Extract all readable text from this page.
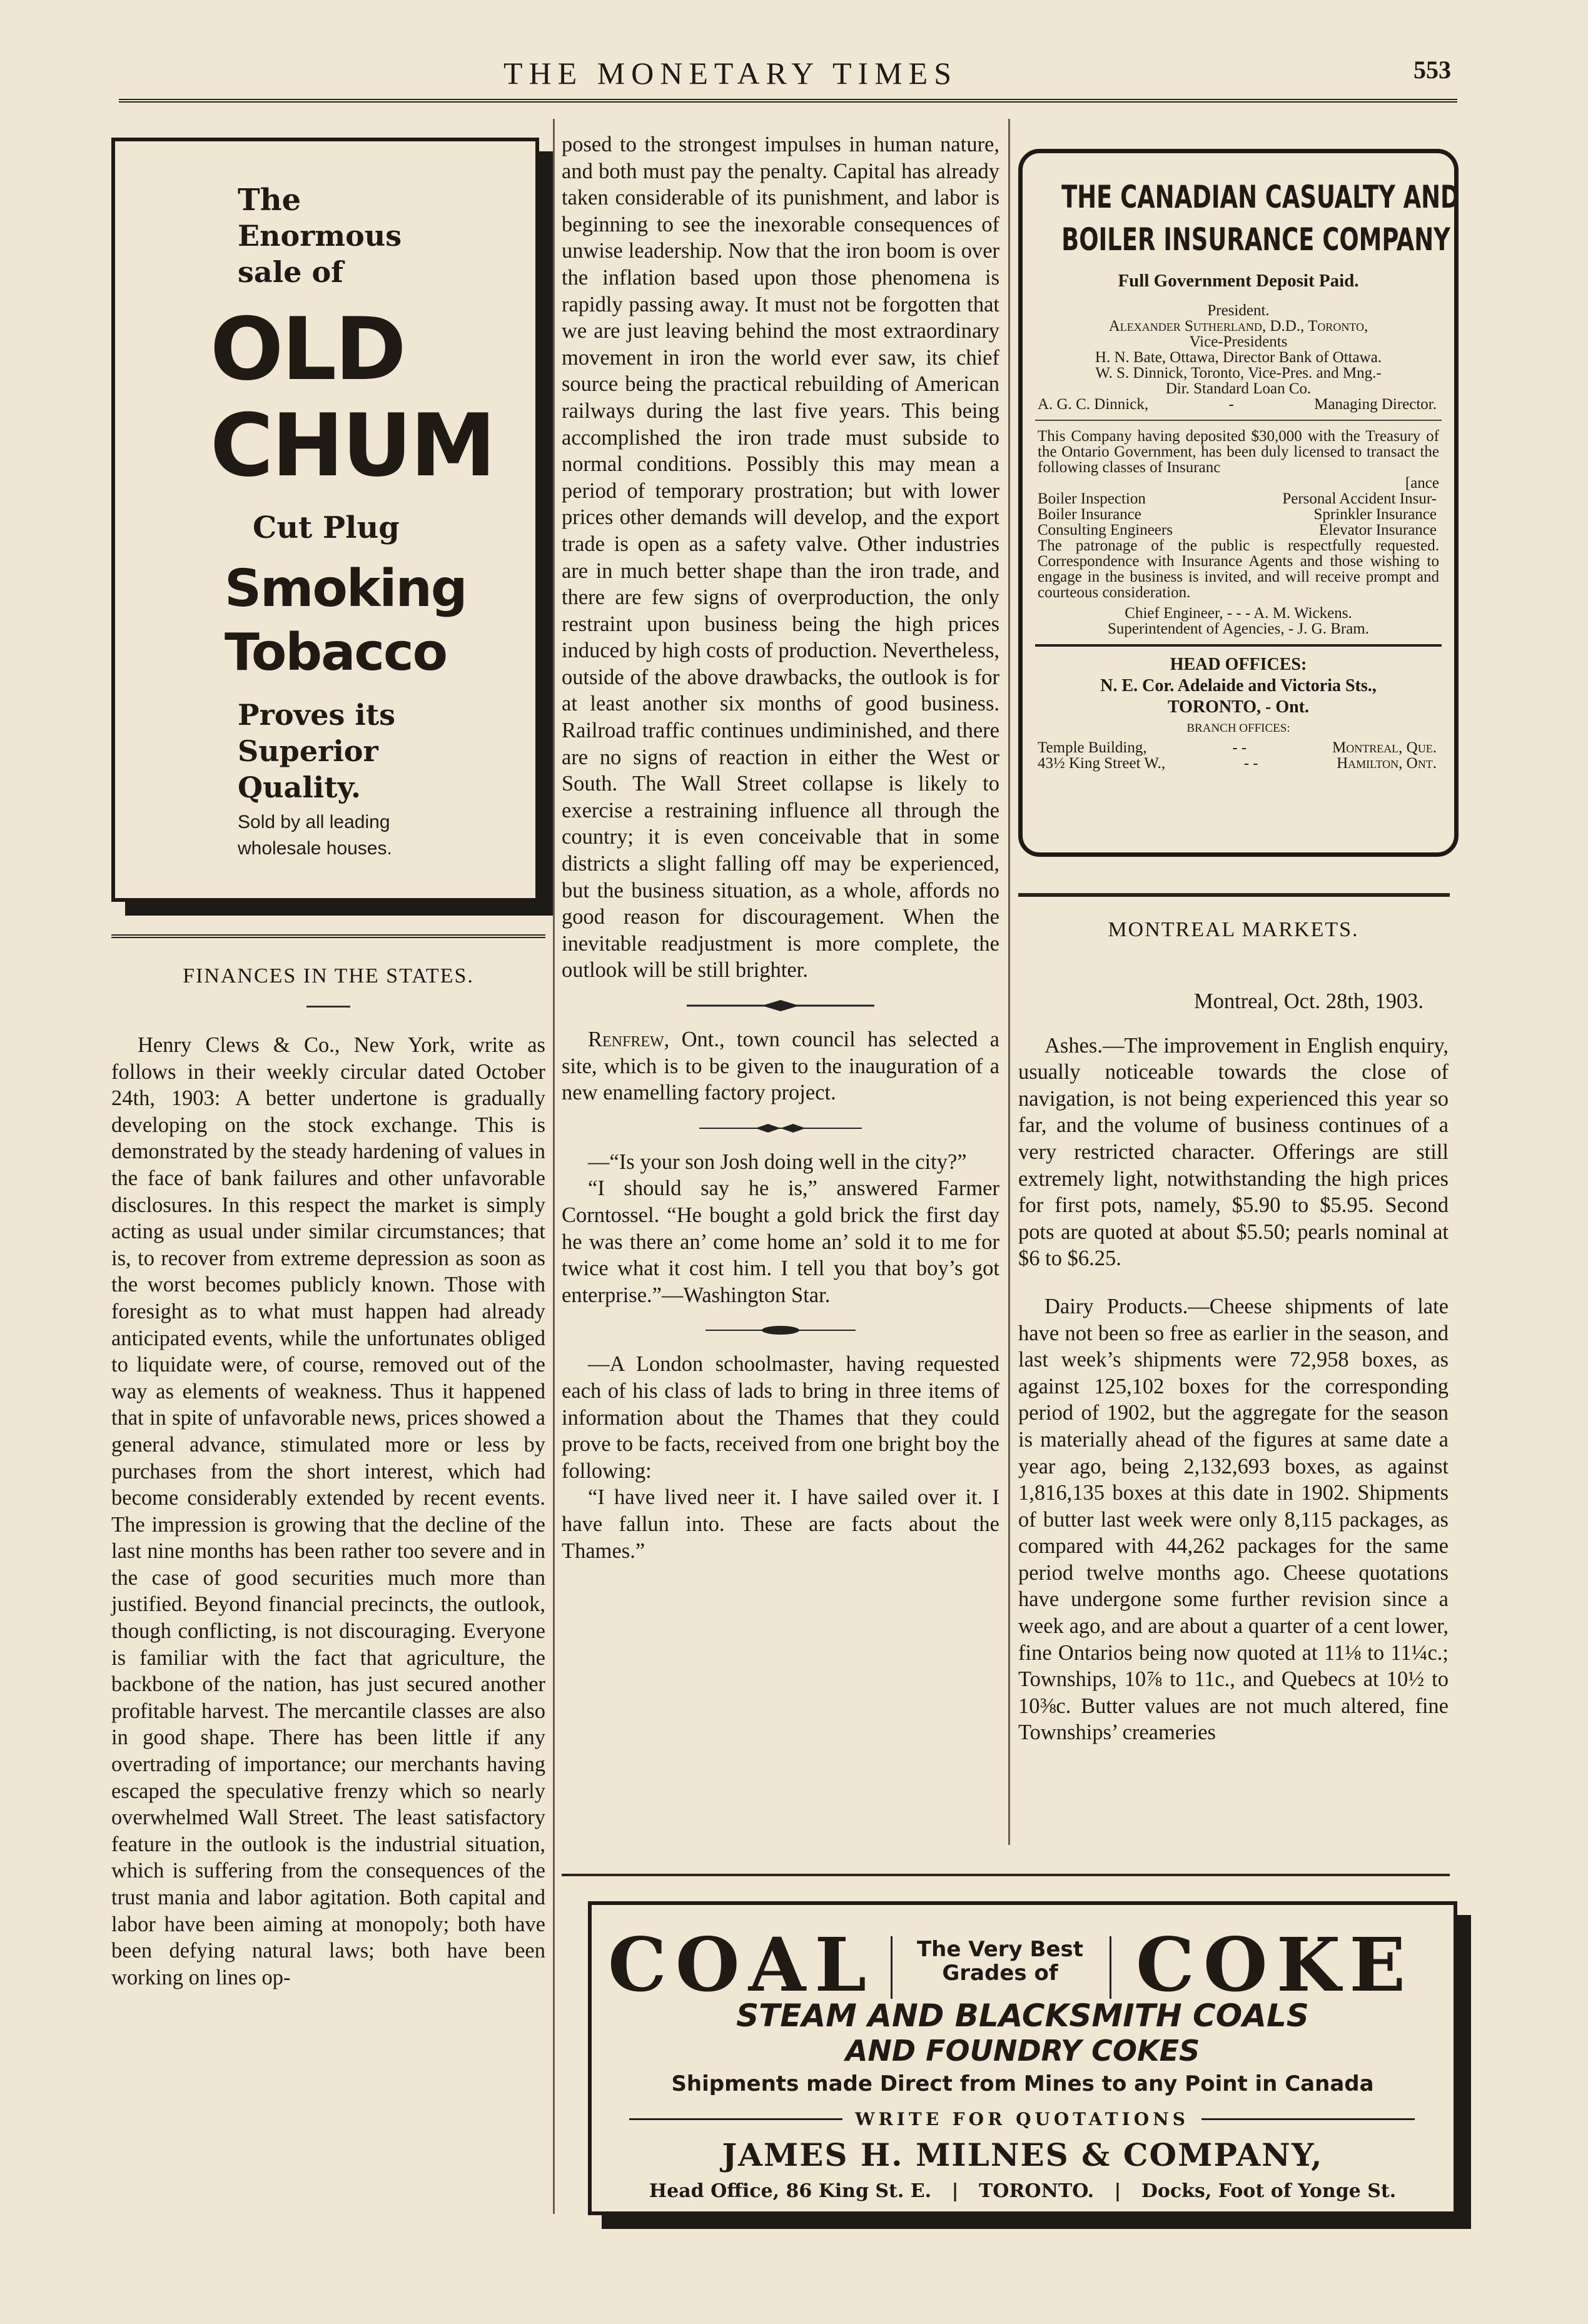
THE MONETARY TIMES	553
The
Enormous
sale of
OLD
CHUM
Cut Plug
Smoking
Tobacco
Proves its
Superior
Quality.
Sold by all leading
wholesale houses.

FINANCES IN THE STATES.

Henry Clews & Co., New York, write as follows in their weekly circular dated October 24th, 1903: A better undertone is gradually developing on the stock exchange. This is demonstrated by the steady hardening of values in the face of bank failures and other unfavorable disclosures. In this respect the market is simply acting as usual under similar circumstances; that is, to recover from extreme depression as soon as the worst becomes publicly known. Those with foresight as to what must happen had already anticipated events, while the unfortunates obliged to liquidate were, of course, removed out of the way as elements of weakness. Thus it happened that in spite of unfavorable news, prices showed a general advance, stimulated more or less by purchases from the short interest, which had become considerably extended by recent events. The impression is growing that the decline of the last nine months has been rather too severe and in the case of good securities much more than justified. Beyond financial precincts, the outlook, though conflicting, is not discouraging. Everyone is familiar with the fact that agriculture, the backbone of the nation, has just secured another profitable harvest. The mercantile classes are also in good shape. There has been little if any overtrading of importance; our merchants having escaped the speculative frenzy which so nearly overwhelmed Wall Street. The least satisfactory feature in the outlook is the industrial situation, which is suffering from the consequences of the trust mania and labor agitation. Both capital and labor have been aiming at monopoly; both have been defying natural laws; both have been working on lines op-

posed to the strongest impulses in human nature, and both must pay the penalty. Capital has already taken considerable of its punishment, and labor is beginning to see the inexorable consequences of unwise leadership. Now that the iron boom is over the inflation based upon those phenomena is rapidly passing away. It must not be forgotten that we are just leaving behind the most extraordinary movement in iron the world ever saw, its chief source being the practical rebuilding of American railways during the last five years. This being accomplished the iron trade must subside to normal conditions. Possibly this may mean a period of temporary prostration; but with lower prices other demands will develop, and the export trade is open as a safety valve. Other industries are in much better shape than the iron trade, and there are few signs of overproduction, the only restraint upon business being the high prices induced by high costs of production. Nevertheless, outside of the above drawbacks, the outlook is for at least another six months of good business. Railroad traffic continues undiminished, and there are no signs of reaction in either the West or South. The Wall Street collapse is likely to exercise a restraining influence all through the country; it is even conceivable that in some districts a slight falling off may be experienced, but the business situation, as a whole, affords no good reason for discouragement. When the inevitable readjustment is more complete, the outlook will be still brighter.

Renfrew, Ont., town council has selected a site, which is to be given to the inauguration of a new enamelling factory project.

—“Is your son Josh doing well in the city?”

“I should say he is,” answered Farmer Corntossel. “He bought a gold brick the first day he was there an’ come home an’ sold it to me for twice what it cost him. I tell you that boy’s got enterprise.”—Washington Star.

—A London schoolmaster, having requested each of his class of lads to bring in three items of information about the Thames that they could prove to be facts, received from one bright boy the following:

“I have lived neer it. I have sailed over it. I have fallun into. These are facts about the Thames.”

THE CANADIAN CASUALTY AND
BOILER INSURANCE COMPANY
Full Government Deposit Paid.
President.
Alexander Sutherland, D.D., Toronto,
Vice-Presidents
H. N. Bate, Ottawa, Director Bank of Ottawa.
W. S. Dinnick, Toronto, Vice-Pres. and Mng.-
Dir. Standard Loan Co.
A. G. C. Dinnick,	-	Managing Director.
This Company having deposited $30,000 with the Treasury of the Ontario Government, has been duly licensed to transact the following classes of Insuranc
[ance
Boiler Inspection	Personal Accident Insur-
Boiler Insurance	Sprinkler Insurance
Consulting Engineers	Elevator Insurance
The patronage of the public is respectfully requested. Correspondence with Insurance Agents and those wishing to engage in the business is invited, and will receive prompt and courteous consideration.
Chief Engineer, - - - A. M. Wickens.
Superintendent of Agencies, - J. G. Bram.
HEAD OFFICES:
N. E. Cor. Adelaide and Victoria Sts.,
TORONTO, - Ont.
BRANCH OFFICES:
Temple Building,	- -	Montreal, Que.
43½ King Street W.,	- -	Hamilton, Ont.

MONTREAL MARKETS.

Montreal, Oct. 28th, 1903.

Ashes.—The improvement in English enquiry, usually noticeable towards the close of navigation, is not being experienced this year so far, and the volume of business continues of a very restricted character. Offerings are still extremely light, notwithstanding the high prices for first pots, namely, $5.90 to $5.95. Second pots are quoted at about $5.50; pearls nominal at $6 to $6.25.

Dairy Products.—Cheese shipments of late have not been so free as earlier in the season, and last week’s shipments were 72,958 boxes, as against 125,102 boxes for the corresponding period of 1902, but the aggregate for the season is materially ahead of the figures at same date a year ago, being 2,132,693 boxes, as against 1,816,135 boxes at this date in 1902. Shipments of butter last week were only 8,115 packages, as compared with 44,262 packages for the same period twelve months ago. Cheese quotations have undergone some further revision since a week ago, and are about a quarter of a cent lower, fine Ontarios being now quoted at 11⅛ to 11¼c.; Townships, 10⅞ to 11c., and Quebecs at 10½ to 10⅜c. Butter values are not much altered, fine Townships’ creameries

COAL	The Very Best
Grades of	COKE
STEAM AND BLACKSMITH COALS
AND FOUNDRY COKES
Shipments made Direct from Mines to any Point in Canada
WRITE FOR QUOTATIONS
JAMES H. MILNES & COMPANY,
Head Office, 86 King St. E. | TORONTO. | Docks, Foot of Yonge St.
